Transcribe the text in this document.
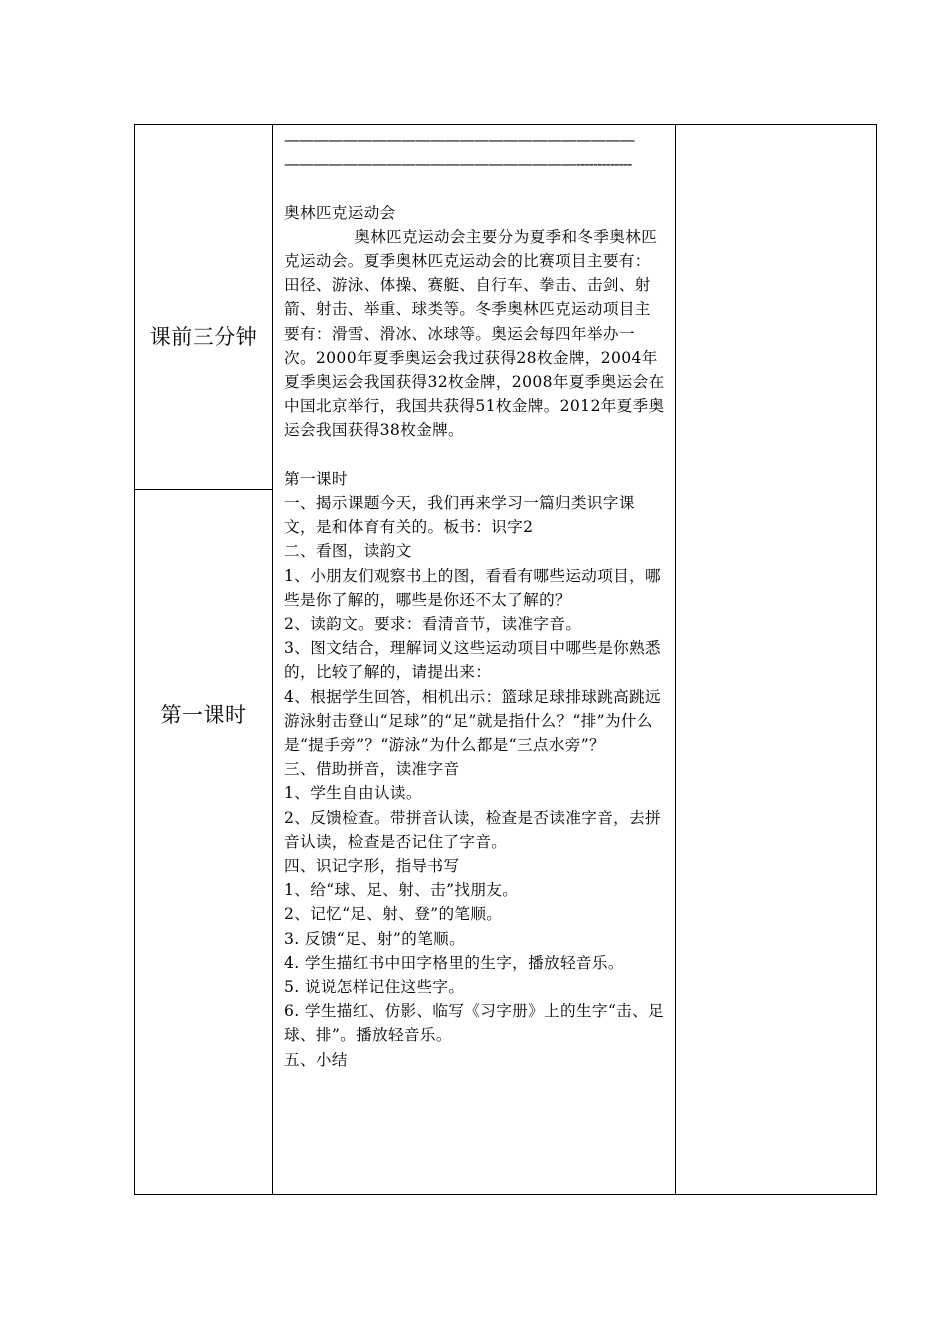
课前三分钟
第一课时

————————————————————————

————————————————————-------------

奥林匹克运动会

奥林匹克运动会主要分为夏季和冬季奥林匹克运动会。夏季奥林匹克运动会的比赛项目主要有：田径、游泳、体操、赛艇、自行车、拳击、击剑、射箭、射击、举重、球类等。冬季奥林匹克运动项目主要有：滑雪、滑冰、冰球等。奥运会每四年举办一次。2000年夏季奥运会我过获得28枚金牌，2004年夏季奥运会我国获得32枚金牌，2008年夏季奥运会在中国北京举行，我国共获得51枚金牌。2012年夏季奥运会我国获得38枚金牌。

第一课时

一、揭示课题今天，我们再来学习一篇归类识字课文，是和体育有关的。板书：识字2

二、看图，读韵文

1、小朋友们观察书上的图，看看有哪些运动项目，哪些是你了解的，哪些是你还不太了解的？

2、读韵文。要求：看清音节，读准字音。

3、图文结合，理解词义这些运动项目中哪些是你熟悉的，比较了解的，请提出来：

4、根据学生回答，相机出示：篮球足球排球跳高跳远游泳射击登山“足球”的“足”就是指什么？“排”为什么是“提手旁”？“游泳”为什么都是“三点水旁”？

三、借助拼音，读准字音

1、学生自由认读。

2、反馈检查。带拼音认读，检查是否读准字音，去拼音认读，检查是否记住了字音。

四、识记字形，指导书写

1、给“球、足、射、击”找朋友。

2、记忆“足、射、登”的笔顺。

3. 反馈“足、射”的笔顺。

4. 学生描红书中田字格里的生字，播放轻音乐。

5. 说说怎样记住这些字。

6. 学生描红、仿影、临写《习字册》上的生字“击、足球、排”。播放轻音乐。

五、小结
